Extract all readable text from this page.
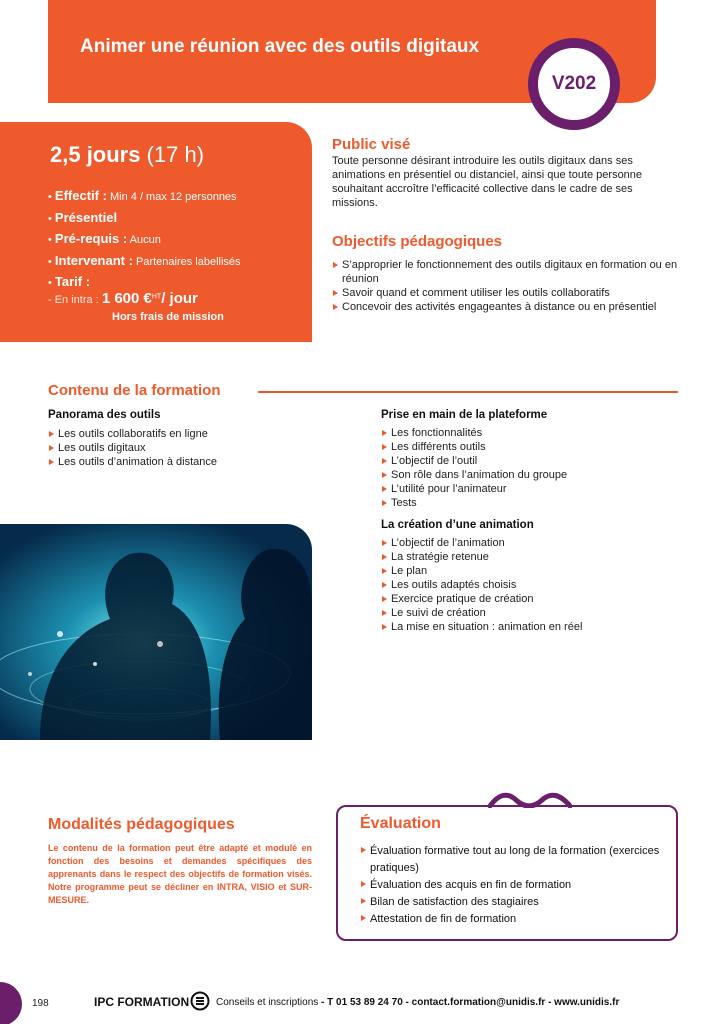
Animer une réunion avec des outils digitaux
V202
2,5 jours (17 h)
• Effectif : Min 4 / max 12 personnes
• Présentiel
• Pré-requis : Aucun
• Intervenant : Partenaires labellisés
• Tarif :
- En intra : 1 600 €$^{HT}$/ jour
Hors frais de mission
Public visé
Toute personne désirant introduire les outils digitaux dans ses animations en présentiel ou distanciel, ainsi que toute personne souhaitant accroître l’efficacité collective dans le cadre de ses missions.
Objectifs pédagogiques
S’approprier le fonctionnement des outils digitaux en formation ou en réunion
Savoir quand et comment utiliser les outils collaboratifs
Concevoir des activités engageantes à distance ou en présentiel
Contenu de la formation
Panorama des outils
Les outils collaboratifs en ligne
Les outils digitaux
Les outils d’animation à distance
Prise en main de la plateforme
Les fonctionnalités
Les différents outils
L’objectif de l’outil
Son rôle dans l’animation du groupe
L’utilité pour l’animateur
Tests
La création d’une animation
L’objectif de l’animation
La stratégie retenue
Le plan
Les outils adaptés choisis
Exercice pratique de création
Le suivi de création
La mise en situation : animation en réel
Modalités pédagogiques
Le contenu de la formation peut être adapté et modulé en fonction des besoins et demandes spécifiques des apprenants dans le respect des objectifs de formation visés. Notre programme peut se décliner en INTRA, VISIO et SUR-MESURE.
Évaluation
Évaluation formative tout au long de la formation (exercices pratiques)
Évaluation des acquis en fin de formation
Bilan de satisfaction des stagiaires
Attestation de fin de formation
198	IPC FORMATION	Conseils et inscriptions - T 01 53 89 24 70 - contact.formation@unidis.fr - www.unidis.fr
